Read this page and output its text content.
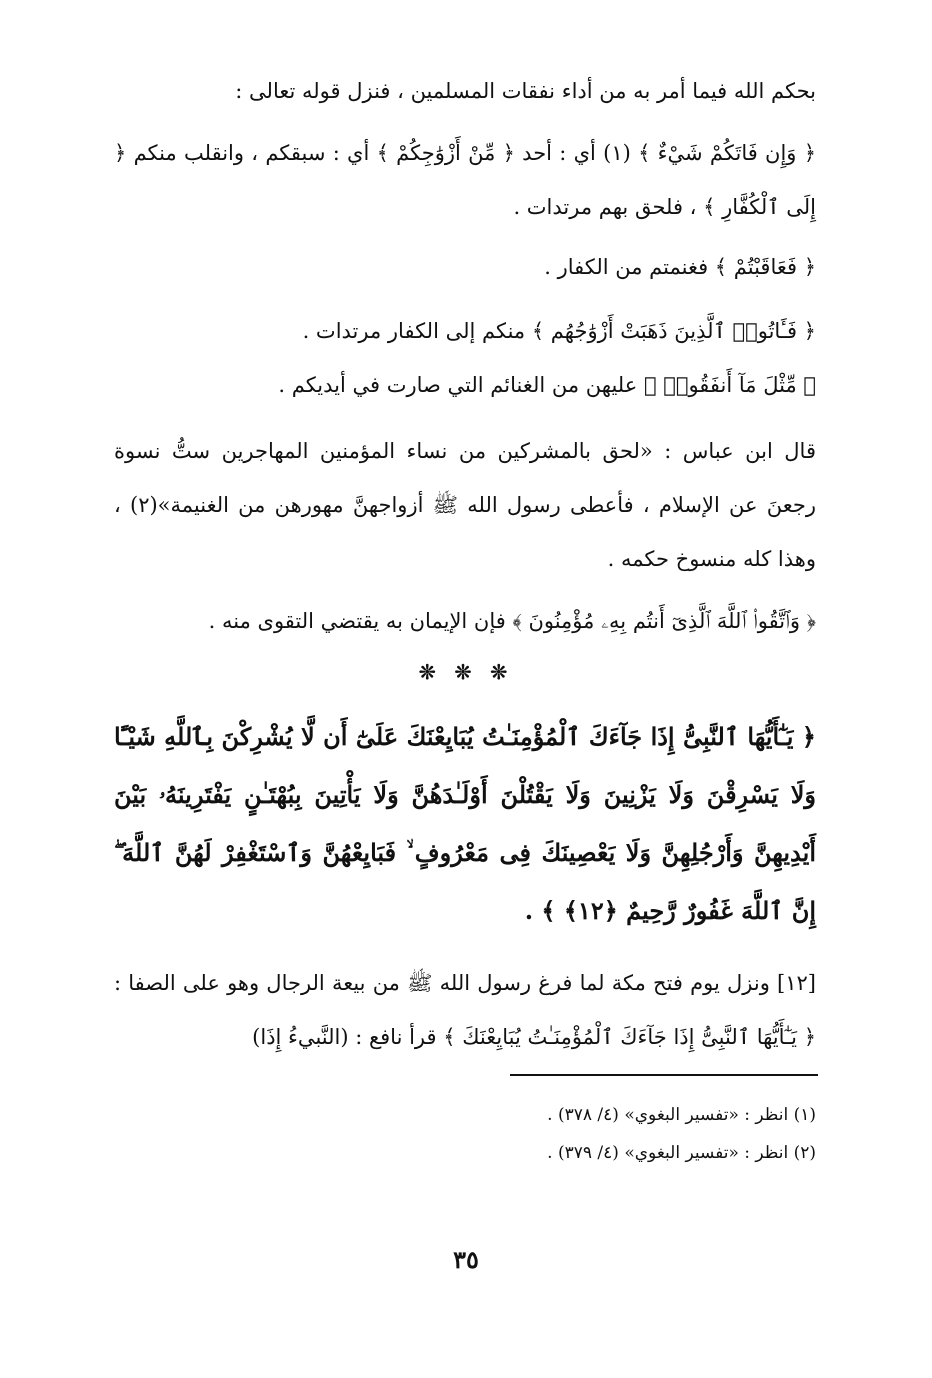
بحكم الله فيما أمر به من أداء نفقات المسلمين ، فنزل قوله تعالى :
﴿ وَإِن فَاتَكُمْ شَيْءٌ ﴾ (١) أي : أحد ﴿ مِّنْ أَزْوَٰجِكُمْ ﴾ أي : سبقكم ، وانقلب منكم ﴿ إِلَى ٱلْكُفَّارِ ﴾ ، فلحق بهم مرتدات .
﴿ فَعَاقَبْتُمْ ﴾ فغنمتم من الكفار .
﴿ فَـَٔاتُوا۟ ٱلَّذِينَ ذَهَبَتْ أَزْوَٰجُهُم ﴾ منكم إلى الكفار مرتدات .
﴿ مِّثْلَ مَآ أَنفَقُوا۟ ﴾ عليهن من الغنائم التي صارت في أيديكم .
قال ابن عباس : «لحق بالمشركين من نساء المؤمنين المهاجرين ستُّ نسوة رجعنَ عن الإسلام ، فأعطى رسول الله ﷺ أزواجهنَّ مهورهن من الغنيمة»(٢) ، وهذا كله منسوخ حكمه .
﴿ وَٱتَّقُوا۟ ٱللَّهَ ٱلَّذِىٓ أَنتُم بِهِۦ مُؤْمِنُونَ ﴾ فإن الإيمان به يقتضي التقوى منه .
❊ ❊ ❊
﴿ يَـٰٓأَيُّهَا ٱلنَّبِىُّ إِذَا جَآءَكَ ٱلْمُؤْمِنَـٰتُ يُبَايِعْنَكَ عَلَىٰٓ أَن لَّا يُشْرِكْنَ بِٱللَّهِ شَيْـًٔا وَلَا يَسْرِقْنَ وَلَا يَزْنِينَ وَلَا يَقْتُلْنَ أَوْلَـٰدَهُنَّ وَلَا يَأْتِينَ بِبُهْتَـٰنٍ يَفْتَرِينَهُۥ بَيْنَ أَيْدِيهِنَّ وَأَرْجُلِهِنَّ وَلَا يَعْصِينَكَ فِى مَعْرُوفٍ ۙ فَبَايِعْهُنَّ وَٱسْتَغْفِرْ لَهُنَّ ٱللَّهَ ۖ إِنَّ ٱللَّهَ غَفُورٌ رَّحِيمٌ ﴿١٢﴾ ﴾ .
[١٢] ونزل يوم فتح مكة لما فرغ رسول الله ﷺ من بيعة الرجال وهو على الصفا : ﴿ يَـٰٓأَيُّهَا ٱلنَّبِىُّ إِذَا جَآءَكَ ٱلْمُؤْمِنَـٰتُ يُبَايِعْنَكَ ﴾ قرأ نافع : (النَّبيءُ إِذَا)
(١) انظر : «تفسير البغوي» (٤/ ٣٧٨) .
(٢) انظر : «تفسير البغوي» (٤/ ٣٧٩) .
٣٥
